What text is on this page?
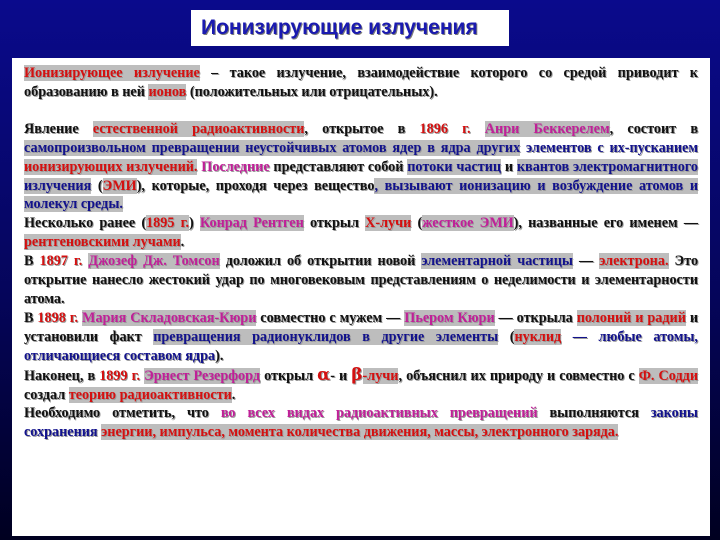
Ионизирующие излучения

Ионизирующее излучение – такое излучение, взаимодействие которого со средой приводит к образованию в ней ионов (положительных или отрицательных).

Явление естественной радиоактивности, открытое в 1896 г. Анри Беккерелем, состоит в самопроизвольном превращении неустойчивых атомов ядер в ядра других элементов с их-пусканием ионизирующих излучений. Последние представляют собой потоки частиц и квантов электромагнитного излучения (ЭМИ), которые, проходя через вещество, вызывают ионизацию и возбуждение атомов и молекул среды.

Несколько ранее (1895 г.) Конрад Рентген открыл Х-лучи (жесткое ЭМИ), названные его именем — рентгеновскими лучами.

В 1897 г. Джозеф Дж. Томсон доложил об открытии новой элементарной частицы — электрона. Это открытие нанесло жестокий удар по многовековым представлениям о неделимости и элементарности атома.

В 1898 г. Мария Складовская-Кюри совместно с мужем — Пьером Кюри — открыла полоний и радий и установили факт превращения радионуклидов в другие элементы (нуклид — любые атомы, отличающиеся составом ядра).

Наконец, в 1899 г. Эрнест Резерфорд открыл α- и β-лучи, объяснил их природу и совместно с Ф. Содди создал теорию радиоактивности.

Необходимо отметить, что во всех видах радиоактивных превращений выполняются законы сохранения энергии, импульса, момента количества движения, массы, электронного заряда.
